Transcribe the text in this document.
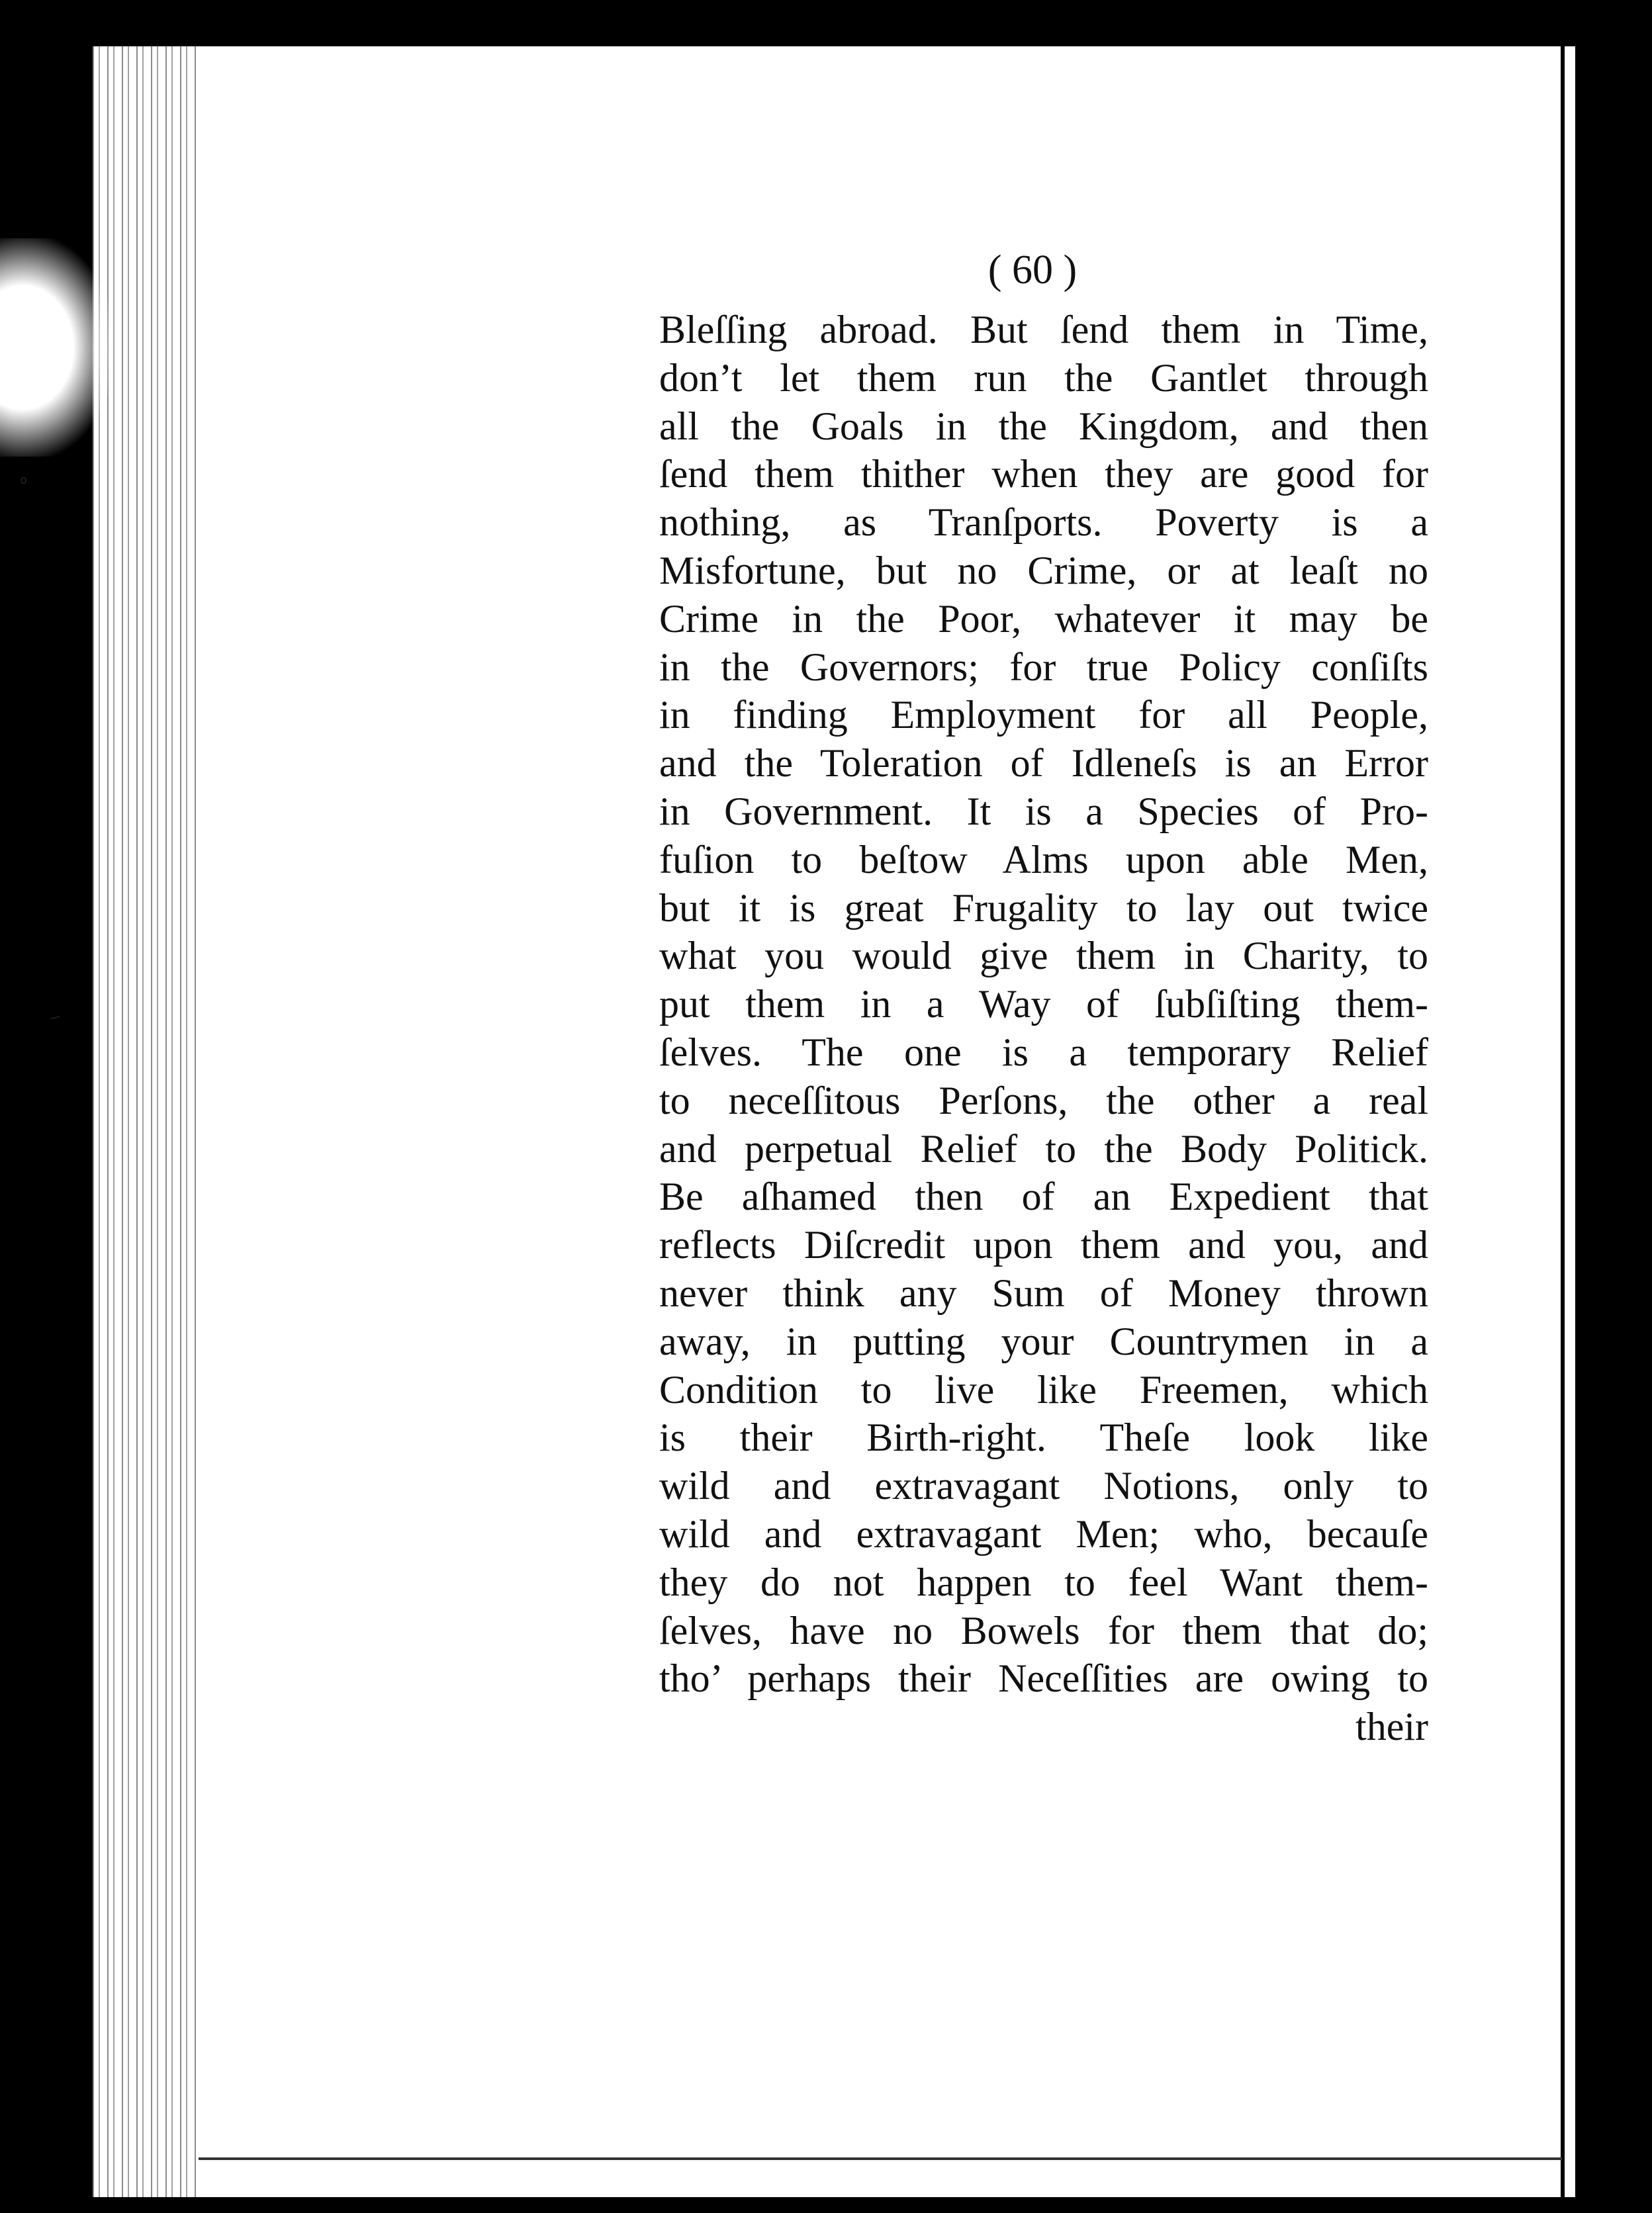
o
⸝
( 60 )
Bleſſing abroad. But ſend them in Time,
don’t let them run the Gantlet through
all the Goals in the Kingdom, and then
ſend them thither when they are good for
nothing, as Tranſports. Poverty is a
Misfortune, but no Crime, or at leaſt no
Crime in the Poor, whatever it may be
in the Governors; for true Policy conſiſts
in finding Employment for all People,
and the Toleration of Idleneſs is an Error
in Government. It is a Species of Pro-
fuſion to beſtow Alms upon able Men,
but it is great Frugality to lay out twice
what you would give them in Charity, to
put them in a Way of ſubſiſting them-
ſelves. The one is a temporary Relief
to neceſſitous Perſons, the other a real
and perpetual Relief to the Body Politick.
Be aſhamed then of an Expedient that
reflects Diſcredit upon them and you, and
never think any Sum of Money thrown
away, in putting your Countrymen in a
Condition to live like Freemen, which
is their Birth-right. Theſe look like
wild and extravagant Notions, only to
wild and extravagant Men; who, becauſe
they do not happen to feel Want them-
ſelves, have no Bowels for them that do;
tho’ perhaps their Neceſſities are owing to
their
